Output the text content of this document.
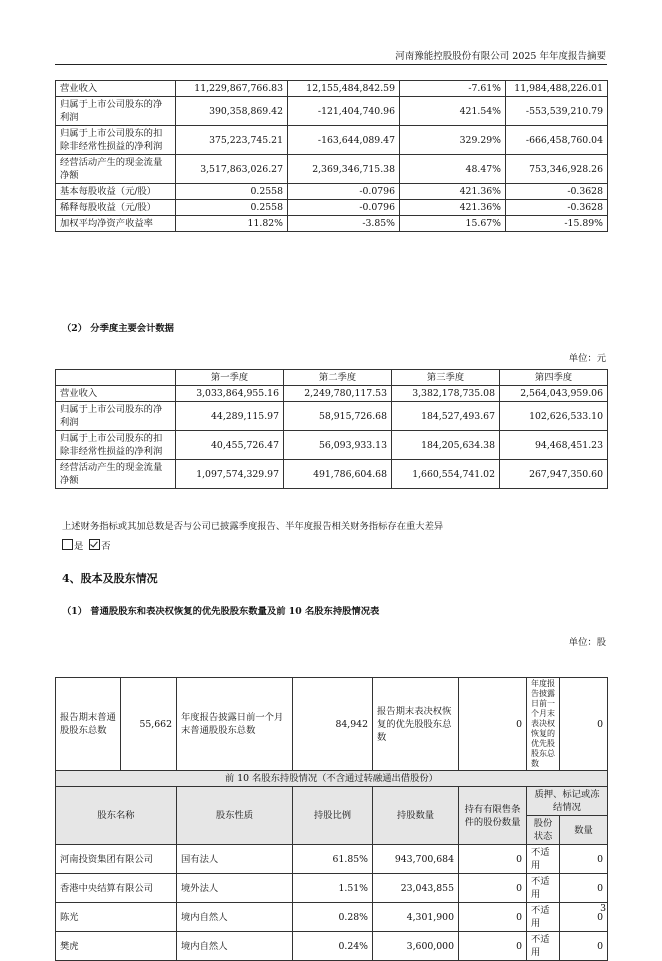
河南豫能控股股份有限公司 2025 年年度报告摘要
营业收入	11,229,867,766.83	12,155,484,842.59	-7.61%	11,984,488,226.01
归属于上市公司股东的净利润	390,358,869.42	-121,404,740.96	421.54%	-553,539,210.79
归属于上市公司股东的扣除非经常性损益的净利润	375,223,745.21	-163,644,089.47	329.29%	-666,458,760.04
经营活动产生的现金流量净额	3,517,863,026.27	2,369,346,715.38	48.47%	753,346,928.26
基本每股收益（元/股）	0.2558	-0.0796	421.36%	-0.3628
稀释每股收益（元/股）	0.2558	-0.0796	421.36%	-0.3628
加权平均净资产收益率	11.82%	-3.85%	15.67%	-15.89%
（2） 分季度主要会计数据
单位：元
	第一季度	第二季度	第三季度	第四季度
营业收入	3,033,864,955.16	2,249,780,117.53	3,382,178,735.08	2,564,043,959.06
归属于上市公司股东的净利润	44,289,115.97	58,915,726.68	184,527,493.67	102,626,533.10
归属于上市公司股东的扣除非经常性损益的净利润	40,455,726.47	56,093,933.13	184,205,634.38	94,468,451.23
经营活动产生的现金流量净额	1,097,574,329.97	491,786,604.68	1,660,554,741.02	267,947,350.60
上述财务指标或其加总数是否与公司已披露季度报告、半年度报告相关财务指标存在重大差异
是 否
4、股本及股东情况
（1） 普通股股东和表决权恢复的优先股股东数量及前 10 名股东持股情况表
单位：股
报告期末普通股股东总数	55,662	年度报告披露日前一个月末普通股股东总数	84,942	报告期末表决权恢复的优先股股东总数	0	年度报告披露日前一个月末表决权恢复的优先股股东总数	0
前 10 名股东持股情况（不含通过转融通出借股份）							
股东名称		股东性质	持股比例	持股数量	持有有限售条件的股份数量	质押、标记或冻结情况	
						股份状态	数量
河南投资集团有限公司		国有法人	61.85%	943,700,684	0	不适用	0
香港中央结算有限公司		境外法人	1.51%	23,043,855	0	不适用	0
陈光		境内自然人	0.28%	4,301,900	0	不适用	0
樊虎		境内自然人	0.24%	3,600,000	0	不适用	0
3
